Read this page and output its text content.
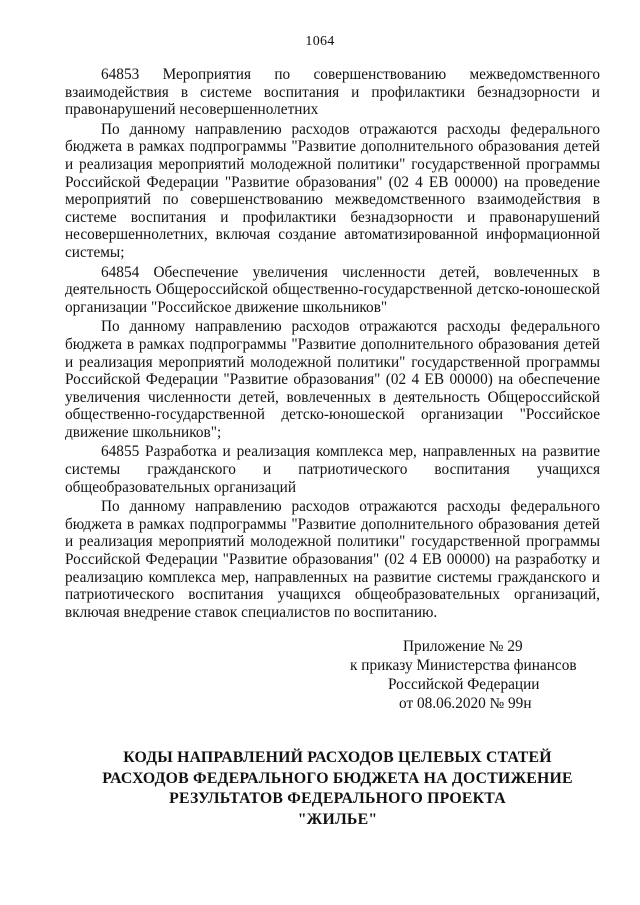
1064

64853 Мероприятия по совершенствованию межведомственного взаимодействия в системе воспитания и профилактики безнадзорности и правонарушений несовершеннолетних

По данному направлению расходов отражаются расходы федерального бюджета в рамках подпрограммы "Развитие дополнительного образования детей и реализация мероприятий молодежной политики" государственной программы Российской Федерации "Развитие образования" (02 4 ЕВ 00000) на проведение мероприятий по совершенствованию межведомственного взаимодействия в системе воспитания и профилактики безнадзорности и правонарушений несовершеннолетних, включая создание автоматизированной информационной системы;

64854 Обеспечение увеличения численности детей, вовлеченных в деятельность Общероссийской общественно-государственной детско-юношеской организации "Российское движение школьников"

По данному направлению расходов отражаются расходы федерального бюджета в рамках подпрограммы "Развитие дополнительного образования детей и реализация мероприятий молодежной политики" государственной программы Российской Федерации "Развитие образования" (02 4 ЕВ 00000) на обеспечение увеличения численности детей, вовлеченных в деятельность Общероссийской общественно-государственной детско-юношеской организации "Российское движение школьников";

64855 Разработка и реализация комплекса мер, направленных на развитие системы гражданского и патриотического воспитания учащихся общеобразовательных организаций

По данному направлению расходов отражаются расходы федерального бюджета в рамках подпрограммы "Развитие дополнительного образования детей и реализация мероприятий молодежной политики" государственной программы Российской Федерации "Развитие образования" (02 4 ЕВ 00000) на разработку и реализацию комплекса мер, направленных на развитие системы гражданского и патриотического воспитания учащихся общеобразовательных организаций, включая внедрение ставок специалистов по воспитанию.

Приложение № 29
к приказу Министерства финансов
Российской Федерации
от 08.06.2020 № 99н
КОДЫ НАПРАВЛЕНИЙ РАСХОДОВ ЦЕЛЕВЫХ СТАТЕЙ
РАСХОДОВ ФЕДЕРАЛЬНОГО БЮДЖЕТА НА ДОСТИЖЕНИЕ
РЕЗУЛЬТАТОВ ФЕДЕРАЛЬНОГО ПРОЕКТА
"ЖИЛЬЕ"
